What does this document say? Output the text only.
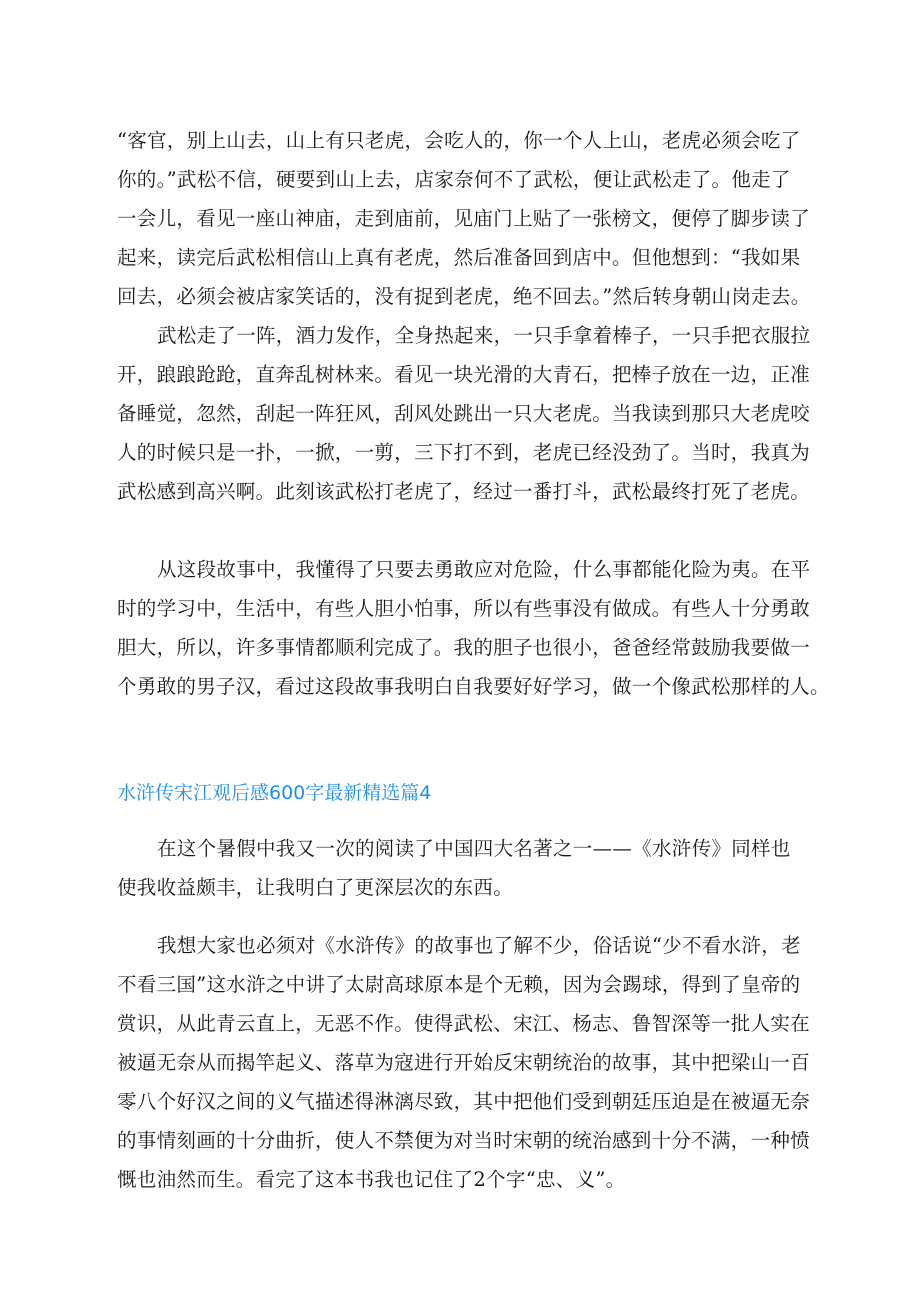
“客官，别上山去，山上有只老虎，会吃人的，你一个人上山，老虎必须会吃了
你的。”武松不信，硬要到山上去，店家奈何不了武松，便让武松走了。他走了
一会儿，看见一座山神庙，走到庙前，见庙门上贴了一张榜文，便停了脚步读了
起来，读完后武松相信山上真有老虎，然后准备回到店中。但他想到：“我如果
回去，必须会被店家笑话的，没有捉到老虎，绝不回去。”然后转身朝山岗走去。
武松走了一阵，酒力发作，全身热起来，一只手拿着棒子，一只手把衣服拉
开，踉踉跄跄，直奔乱树林来。看见一块光滑的大青石，把棒子放在一边，正准
备睡觉，忽然，刮起一阵狂风，刮风处跳出一只大老虎。当我读到那只大老虎咬
人的时候只是一扑，一掀，一剪，三下打不到，老虎已经没劲了。当时，我真为
武松感到高兴啊。此刻该武松打老虎了，经过一番打斗，武松最终打死了老虎。
从这段故事中，我懂得了只要去勇敢应对危险，什么事都能化险为夷。在平
时的学习中，生活中，有些人胆小怕事，所以有些事没有做成。有些人十分勇敢
胆大，所以，许多事情都顺利完成了。我的胆子也很小，爸爸经常鼓励我要做一
个勇敢的男子汉，看过这段故事我明白自我要好好学习，做一个像武松那样的人。
水浒传宋江观后感600字最新精选篇4
在这个暑假中我又一次的阅读了中国四大名著之一——《水浒传》同样也
使我收益颇丰，让我明白了更深层次的东西。
我想大家也必须对《水浒传》的故事也了解不少，俗话说“少不看水浒，老
不看三国”这水浒之中讲了太尉高球原本是个无赖，因为会踢球，得到了皇帝的
赏识，从此青云直上，无恶不作。使得武松、宋江、杨志、鲁智深等一批人实在
被逼无奈从而揭竿起义、落草为寇进行开始反宋朝统治的故事，其中把梁山一百
零八个好汉之间的义气描述得淋漓尽致，其中把他们受到朝廷压迫是在被逼无奈
的事情刻画的十分曲折，使人不禁便为对当时宋朝的统治感到十分不满，一种愤
慨也油然而生。看完了这本书我也记住了2个字“忠、义”。
